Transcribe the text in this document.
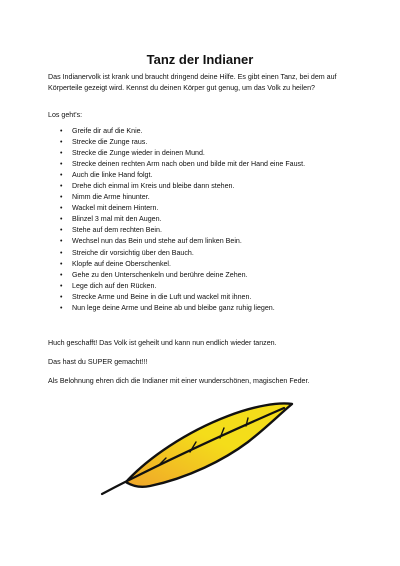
Tanz der Indianer

Das Indianervolk ist krank und braucht dringend deine Hilfe. Es gibt einen Tanz, bei dem auf Körperteile gezeigt wird. Kennst du deinen Körper gut genug, um das Volk zu heilen?

Los geht's:

• Greife dir auf die Knie.
• Strecke die Zunge raus.
• Strecke die Zunge wieder in deinen Mund.
• Strecke deinen rechten Arm nach oben und bilde mit der Hand eine Faust.
• Auch die linke Hand folgt.
• Drehe dich einmal im Kreis und bleibe dann stehen.
• Nimm die Arme hinunter.
• Wackel mit deinem Hintern.
• Blinzel 3 mal mit den Augen.
• Stehe auf dem rechten Bein.
• Wechsel nun das Bein und stehe auf dem linken Bein.
• Streiche dir vorsichtig über den Bauch.
• Klopfe auf deine Oberschenkel.
• Gehe zu den Unterschenkeln und berühre deine Zehen.
• Lege dich auf den Rücken.
• Strecke Arme und Beine in die Luft und wackel mit ihnen.
• Nun lege deine Arme und Beine ab und bleibe ganz ruhig liegen.

Huch geschafft! Das Volk ist geheilt und kann nun endlich wieder tanzen.

Das hast du SUPER gemacht!!!

Als Belohnung ehren dich die Indianer mit einer wunderschönen, magischen Feder.
